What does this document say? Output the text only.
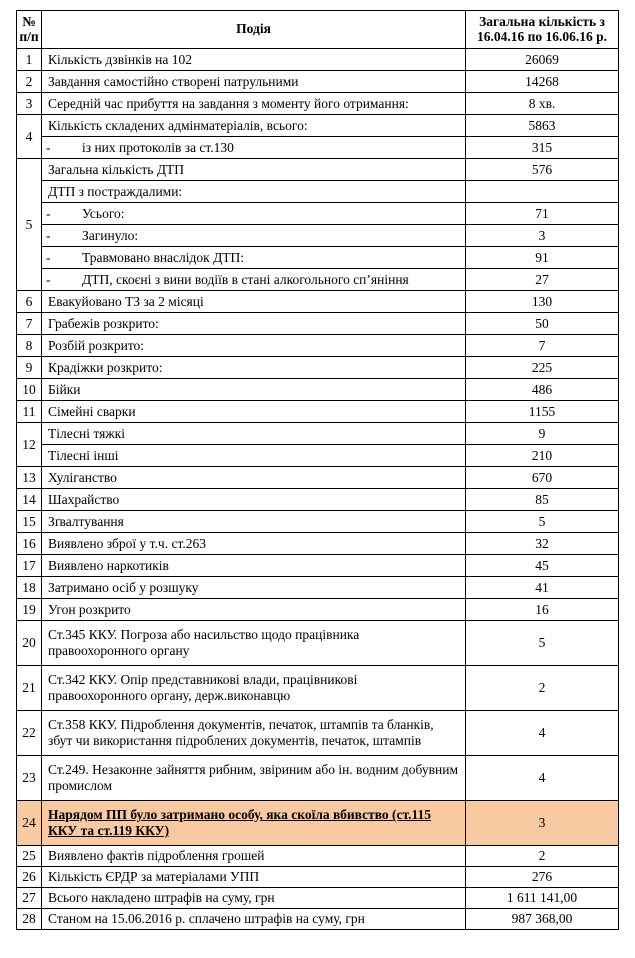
№ п/п	Подія	Загальна кількість з 16.04.16 по 16.06.16 р.
1	Кількість дзвінків на 102	26069
2	Завдання самостійно створені патрульними	14268
3	Середній час прибуття на завдання з моменту його отримання:	8 хв.
4	Кількість складених адмінматеріалів, всього:	5863
	- із них протоколів за ст.130	315
5	Загальна кількість ДТП	576
	ДТП з постраждалими:	
	- Усього:	71
	- Загинуло:	3
	- Травмовано внаслідок ДТП:	91
	- ДТП, скоєні з вини водіїв в стані алкогольного сп’яніння	27
6	Евакуйовано ТЗ за 2 місяці	130
7	Грабежів розкрито:	50
8	Розбій розкрито:	7
9	Крадіжки розкрито:	225
10	Бійки	486
11	Сімейні сварки	1155
12	Тілесні тяжкі	9
	Тілесні інші	210
13	Хуліганство	670
14	Шахрайство	85
15	Зґвалтування	5
16	Виявлено зброї у т.ч. ст.263	32
17	Виявлено наркотиків	45
18	Затримано осіб у розшуку	41
19	Угон розкрито	16
20	Ст.345 ККУ. Погроза або насильство щодо працівника правоохоронного органу	5
21	Ст.342 ККУ. Опір представникові влади, працівникові правоохоронного органу, держ.виконавцю	2
22	Ст.358 ККУ. Підроблення документів, печаток, штампів та бланків, збут чи використання підроблених документів, печаток, штампів	4
23	Ст.249. Незаконне зайняття рибним, звіриним або ін. водним добувним промислом	4
24	Нарядом ПП було затримано особу, яка скоїла вбивство (ст.115 ККУ та ст.119 ККУ)	3
25	Виявлено фактів підроблення грошей	2
26	Кількість ЄРДР за матеріалами УПП	276
27	Всього накладено штрафів на суму, грн	1 611 141,00
28	Станом на 15.06.2016 р. сплачено штрафів на суму, грн	987 368,00
